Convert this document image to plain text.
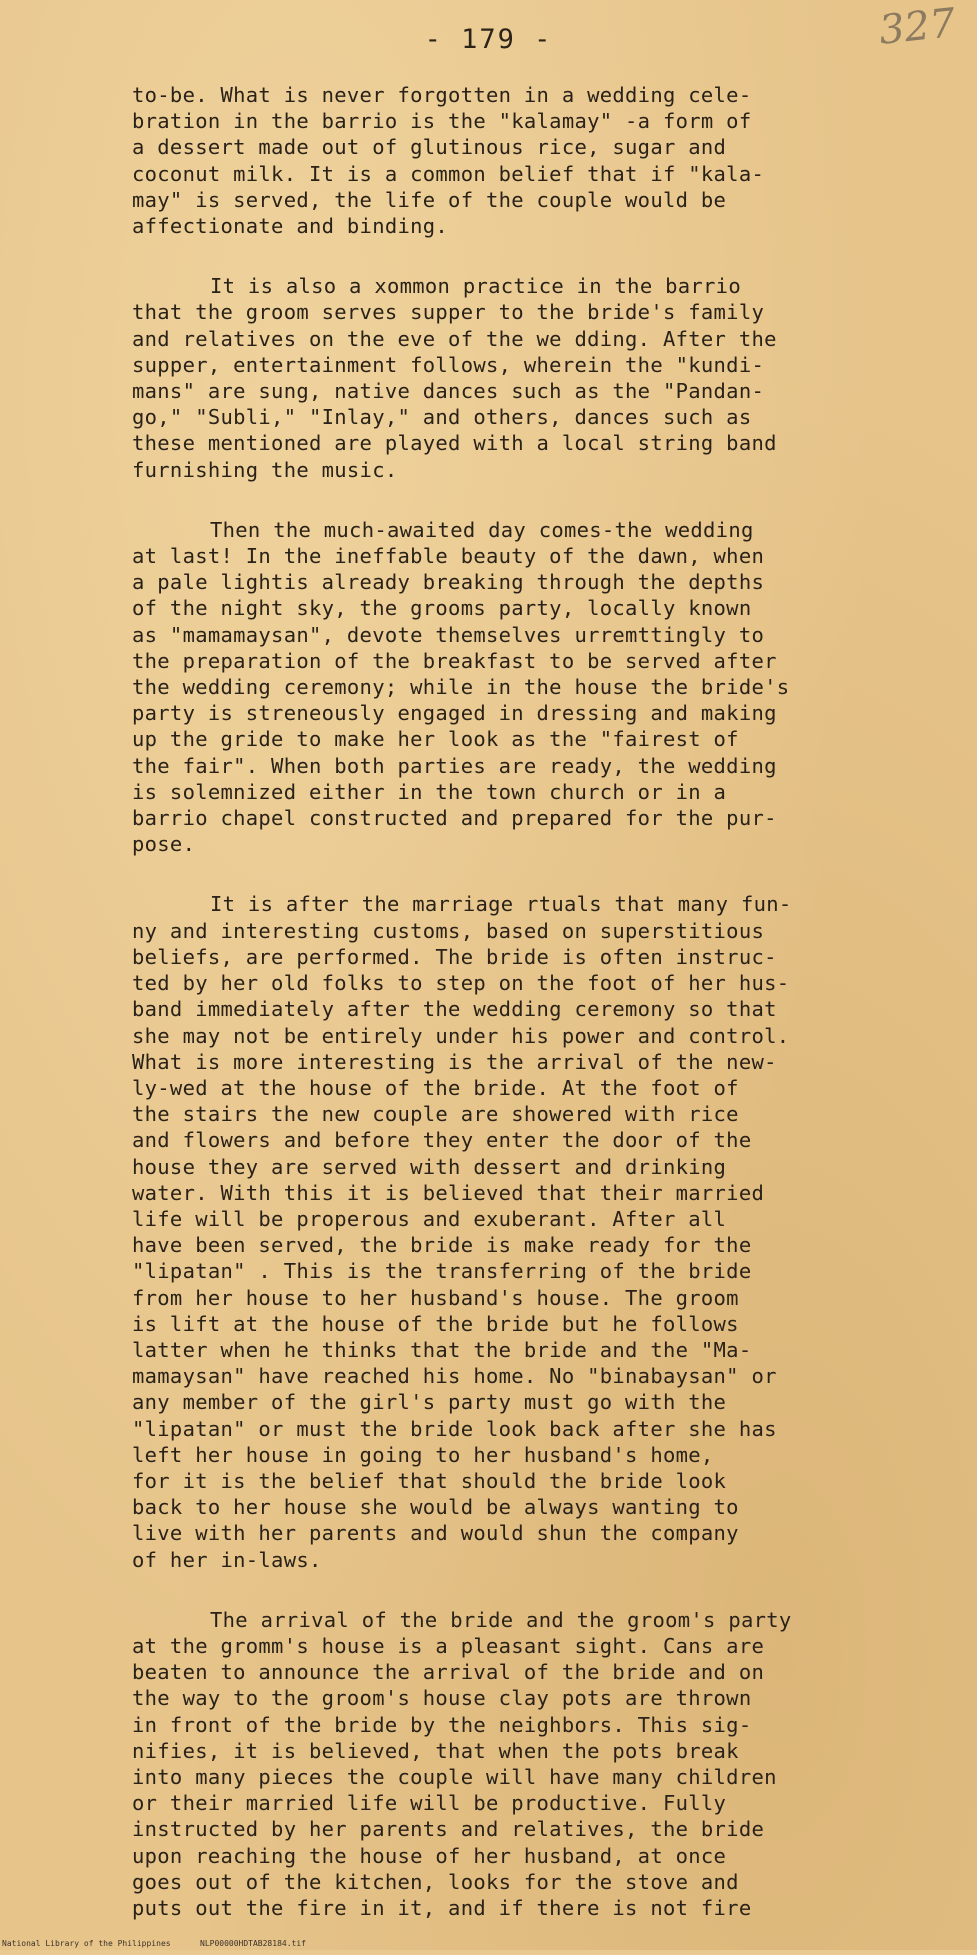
- 179 -	327

to-be. What is never forgotten in a wedding cele-
bration in the barrio is the "kalamay" -a form of
a dessert made out of glutinous rice, sugar and
coconut milk. It is a common belief that if "kala-
may" is served, the life of the couple would be
affectionate and binding.

It is also a xommon practice in the barrio
that the groom serves supper to the bride's family
and relatives on the eve of the we dding. After the
supper, entertainment follows, wherein the "kundi-
mans" are sung, native dances such as the "Pandan-
go," "Subli," "Inlay," and others, dances such as
these mentioned are played with a local string band
furnishing the music.

Then the much-awaited day comes-the wedding
at last! In the ineffable beauty of the dawn, when
a pale lightis already breaking through the depths
of the night sky, the grooms party, locally known
as "mamamaysan", devote themselves urremttingly to
the preparation of the breakfast to be served after
the wedding ceremony; while in the house the bride's
party is streneously engaged in dressing and making
up the gride to make her look as the "fairest of
the fair". When both parties are ready, the wedding
is solemnized either in the town church or in a
barrio chapel constructed and prepared for the pur-
pose.

It is after the marriage rtuals that many fun-
ny and interesting customs, based on superstitious
beliefs, are performed. The bride is often instruc-
ted by her old folks to step on the foot of her hus-
band immediately after the wedding ceremony so that
she may not be entirely under his power and control.
What is more interesting is the arrival of the new-
ly-wed at the house of the bride. At the foot of
the stairs the new couple are showered with rice
and flowers and before they enter the door of the
house they are served with dessert and drinking
water. With this it is believed that their married
life will be properous and exuberant. After all
have been served, the bride is make ready for the
"lipatan" . This is the transferring of the bride
from her house to her husband's house. The groom
is lift at the house of the bride but he follows
latter when he thinks that the bride and the "Ma-
mamaysan" have reached his home. No "binabaysan" or
any member of the girl's party must go with the
"lipatan" or must the bride look back after she has
left her house in going to her husband's home,
for it is the belief that should the bride look
back to her house she would be always wanting to
live with her parents and would shun the company
of her in-laws.

The arrival of the bride and the groom's party
at the gromm's house is a pleasant sight. Cans are
beaten to announce the arrival of the bride and on
the way to the groom's house clay pots are thrown
in front of the bride by the neighbors. This sig-
nifies, it is believed, that when the pots break
into many pieces the couple will have many children
or their married life will be productive. Fully
instructed by her parents and relatives, the bride
upon reaching the house of her husband, at once
goes out of the kitchen, looks for the stove and
puts out the fire in it, and if there is not fire

National Library of the Philippines	NLP00000HDTAB28184.tif
